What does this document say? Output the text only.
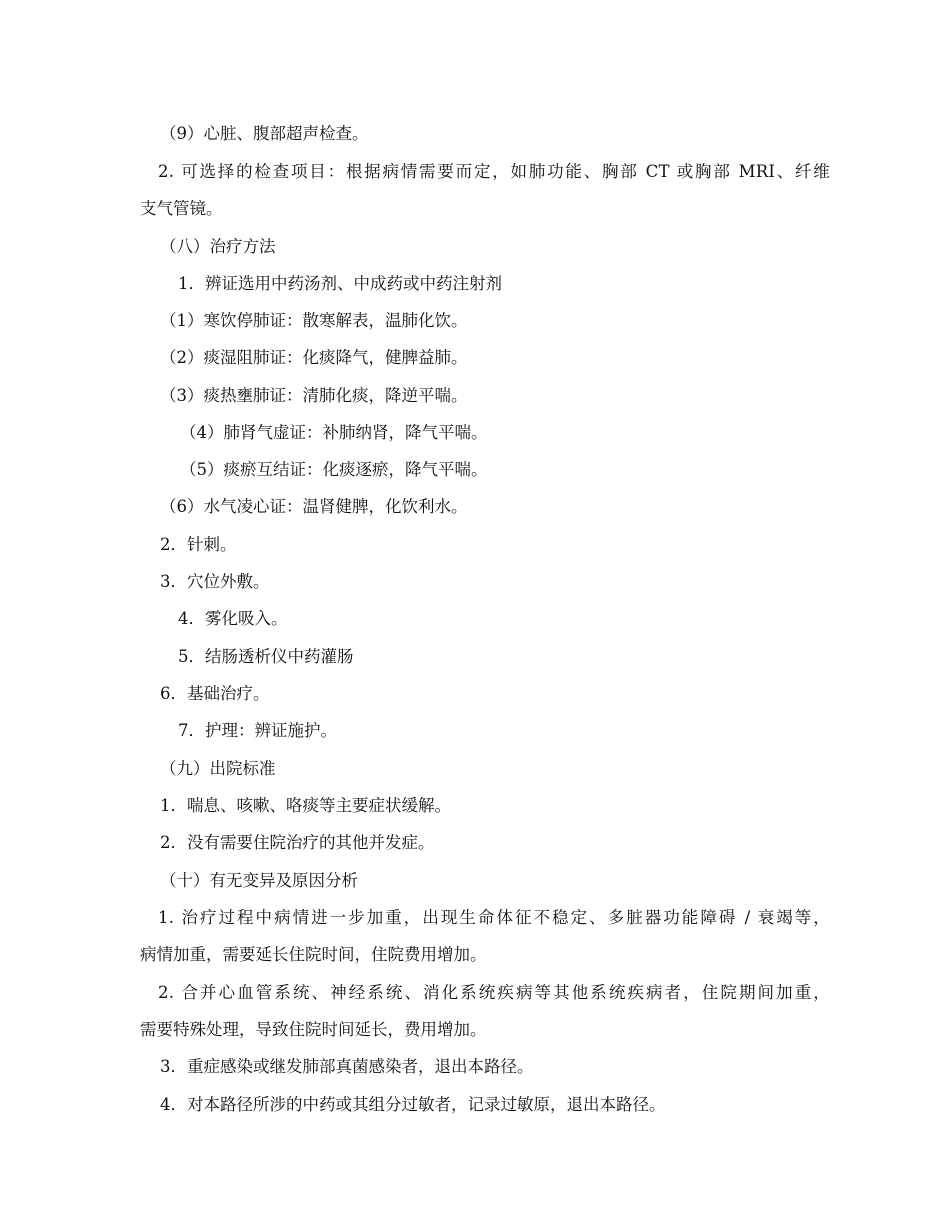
（9）心脏、腹部超声检查。
2. 可选择的检查项目：根据病情需要而定，如肺功能、胸部 CT 或胸部 MRI、纤维
支气管镜。
（八）治疗方法
1．辨证选用中药汤剂、中成药或中药注射剂
（1）寒饮停肺证：散寒解表，温肺化饮。
（2）痰湿阻肺证：化痰降气，健脾益肺。
（3）痰热壅肺证：清肺化痰，降逆平喘。
（4）肺肾气虚证：补肺纳肾，降气平喘。
（5）痰瘀互结证：化痰逐瘀，降气平喘。
（6）水气凌心证：温肾健脾，化饮利水。
2．针刺。
3．穴位外敷。
4．雾化吸入。
5．结肠透析仪中药灌肠
6．基础治疗。
7．护理：辨证施护。
（九）出院标准
1．喘息、咳嗽、咯痰等主要症状缓解。
2．没有需要住院治疗的其他并发症。
（十）有无变异及原因分析
1. 治疗过程中病情进一步加重，出现生命体征不稳定、多脏器功能障碍 / 衰竭等，
病情加重，需要延长住院时间，住院费用增加。
2. 合并心血管系统、神经系统、消化系统疾病等其他系统疾病者，住院期间加重，
需要特殊处理，导致住院时间延长，费用增加。
3．重症感染或继发肺部真菌感染者，退出本路径。
4．对本路径所涉的中药或其组分过敏者，记录过敏原，退出本路径。
